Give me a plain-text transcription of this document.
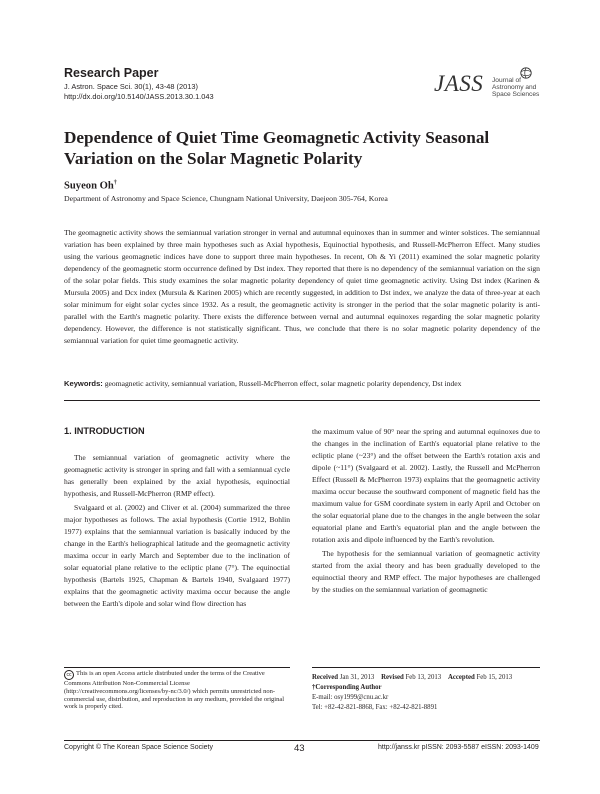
Research Paper
J. Astron. Space Sci. 30(1), 43-48 (2013)
http://dx.doi.org/10.5140/JASS.2013.30.1.043
JASS Journal of
Astronomy and
Space Sciences
Dependence of Quiet Time Geomagnetic Activity Seasonal
Variation on the Solar Magnetic Polarity
Suyeon Oh†
Department of Astronomy and Space Science, Chungnam National University, Daejeon 305-764, Korea
The geomagnetic activity shows the semiannual variation stronger in vernal and autumnal equinoxes than in summer and winter solstices. The semiannual variation has been explained by three main hypotheses such as Axial hypothesis, Equinoctial hypothesis, and Russell-McPherron Effect. Many studies using the various geomagnetic indices have done to support three main hypotheses. In recent, Oh & Yi (2011) examined the solar magnetic polarity dependency of the geomagnetic storm occurrence defined by Dst index. They reported that there is no dependency of the semiannual variation on the sign of the solar polar fields. This study examines the solar magnetic polarity dependency of quiet time geomagnetic activity. Using Dst index (Karinen & Mursula 2005) and Dcx index (Mursula & Karinen 2005) which are recently suggested, in addition to Dst index, we analyze the data of three-year at each solar minimum for eight solar cycles since 1932. As a result, the geomagnetic activity is stronger in the period that the solar magnetic polarity is anti-parallel with the Earth's magnetic polarity. There exists the difference between vernal and autumnal equinoxes regarding the solar magnetic polarity dependency. However, the difference is not statistically significant. Thus, we conclude that there is no solar magnetic polarity dependency of the semiannual variation for quiet time geomagnetic activity.
Keywords: geomagnetic activity, semiannual variation, Russell-McPherron effect, solar magnetic polarity dependency, Dst index
1. INTRODUCTION

The semiannual variation of geomagnetic activity where the geomagnetic activity is stronger in spring and fall with a semiannual cycle has generally been explained by the axial hypothesis, equinoctial hypothesis, and Russell-McPherron (RMP effect).

Svalgaard et al. (2002) and Cliver et al. (2004) summarized the three major hypotheses as follows. The axial hypothesis (Cortie 1912, Bohlin 1977) explains that the semiannual variation is basically induced by the change in the Earth's heliographical latitude and the geomagnetic activity maxima occur in early March and September due to the inclination of solar equatorial plane relative to the ecliptic plane (7°). The equinoctial hypothesis (Bartels 1925, Chapman & Bartels 1940, Svalgaard 1977) explains that the geomagnetic activity maxima occur because the angle between the Earth's dipole and solar wind flow direction has

the maximum value of 90° near the spring and autumnal equinoxes due to the changes in the inclination of Earth's equatorial plane relative to the ecliptic plane (~23°) and the offset between the Earth's rotation axis and dipole (~11°) (Svalgaard et al. 2002). Lastly, the Russell and McPherron Effect (Russell & McPherron 1973) explains that the geomagnetic activity maxima occur because the southward component of magnetic field has the maximum value for GSM coordinate system in early April and October on the solar equatorial plane due to the changes in the angle between the solar equatorial plane and Earth's equatorial plan and the angle between the rotation axis and dipole influenced by the Earth's revolution.

The hypothesis for the semiannual variation of geomagnetic activity started from the axial theory and has been gradually developed to the equinoctial theory and RMP effect. The major hypotheses are challenged by the studies on the semiannual variation of geomagnetic

cc This is an open Access article distributed under the terms of the Creative Commons Attribution Non-Commercial License (http://creativecommons.org/licenses/by-nc/3.0/) which permits unrestricted non-commercial use, distribution, and reproduction in any medium, provided the original work is properly cited.
Received Jan 31, 2013 Revised Feb 13, 2013 Accepted Feb 15, 2013
†Corresponding Author
E-mail: osy1999@cnu.ac.kr
Tel: +82-42-821-8868, Fax: +82-42-821-8891
Copyright © The Korean Space Science Society	43	http://janss.kr pISSN: 2093-5587 eISSN: 2093-1409
